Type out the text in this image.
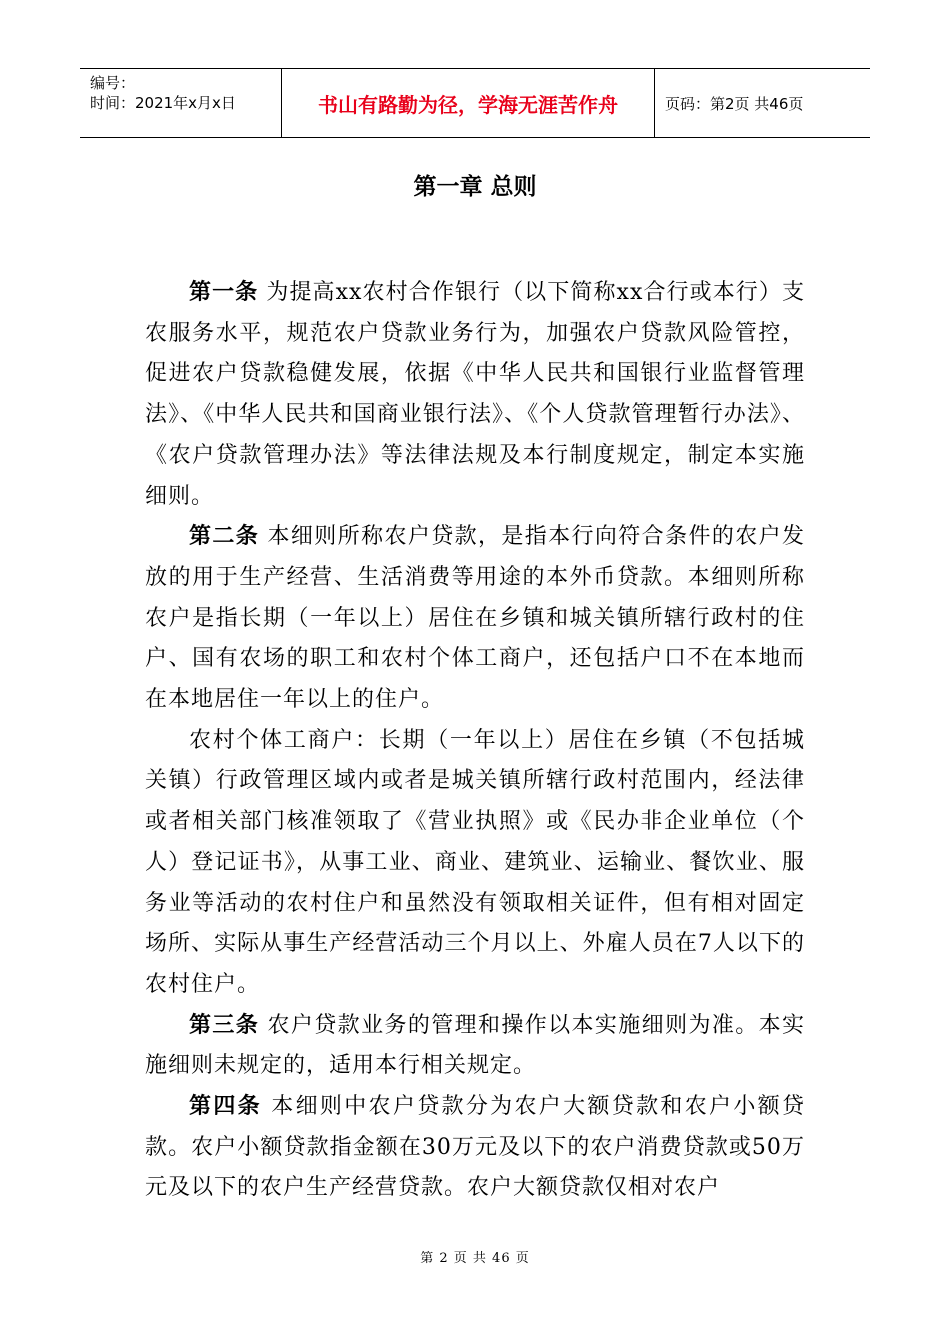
编号：
时间：2021年x月x日	书山有路勤为径，学海无涯苦作舟	页码：第2页 共46页
第一章 总则

第一条 为提高xx农村合作银行（以下简称xx合行或本行）支农服务水平，规范农户贷款业务行为，加强农户贷款风险管控，促进农户贷款稳健发展，依据《中华人民共和国银行业监督管理法》、《中华人民共和国商业银行法》、《个人贷款管理暂行办法》、《农户贷款管理办法》等法律法规及本行制度规定，制定本实施细则。

第二条 本细则所称农户贷款，是指本行向符合条件的农户发放的用于生产经营、生活消费等用途的本外币贷款。本细则所称农户是指长期（一年以上）居住在乡镇和城关镇所辖行政村的住户、国有农场的职工和农村个体工商户，还包括户口不在本地而在本地居住一年以上的住户。

农村个体工商户：长期（一年以上）居住在乡镇（不包括城关镇）行政管理区域内或者是城关镇所辖行政村范围内，经法律或者相关部门核准领取了《营业执照》或《民办非企业单位（个人）登记证书》，从事工业、商业、建筑业、运输业、餐饮业、服务业等活动的农村住户和虽然没有领取相关证件，但有相对固定场所、实际从事生产经营活动三个月以上、外雇人员在7人以下的农村住户。

第三条 农户贷款业务的管理和操作以本实施细则为准。本实施细则未规定的，适用本行相关规定。

第四条 本细则中农户贷款分为农户大额贷款和农户小额贷款。农户小额贷款指金额在30万元及以下的农户消费贷款或50万元及以下的农户生产经营贷款。农户大额贷款仅相对农户

第 2 页 共 46 页
